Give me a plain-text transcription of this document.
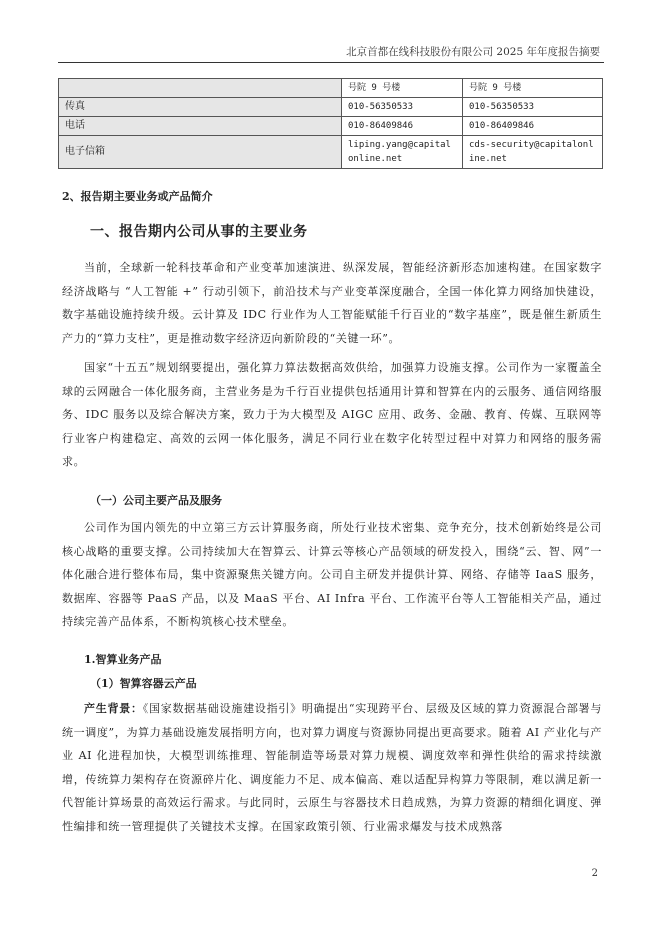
北京首都在线科技股份有限公司 2025 年年度报告摘要
	号院 9 号楼	号院 9 号楼
传真	010-56350533	010-56350533
电话	010-86409846	010-86409846
电子信箱	liping.yang@capitalonline.net	cds-security@capitalonline.net
2、报告期主要业务或产品简介
一、报告期内公司从事的主要业务
当前，全球新一轮科技革命和产业变革加速演进、纵深发展，智能经济新形态加速构建。在国家数字经济战略与 “人工智能 +” 行动引领下，前沿技术与产业变革深度融合，全国一体化算力网络加快建设，数字基础设施持续升级。云计算及 IDC 行业作为人工智能赋能千行百业的“数字基座”，既是催生新质生产力的“算力支柱”，更是推动数字经济迈向新阶段的“关键一环”。
国家“十五五”规划纲要提出，强化算力算法数据高效供给，加强算力设施支撑。公司作为一家覆盖全球的云网融合一体化服务商，主营业务是为千行百业提供包括通用计算和智算在内的云服务、通信网络服务、IDC 服务以及综合解决方案，致力于为大模型及 AIGC 应用、政务、金融、教育、传媒、互联网等行业客户构建稳定、高效的云网一体化服务，满足不同行业在数字化转型过程中对算力和网络的服务需求。
（一）公司主要产品及服务
公司作为国内领先的中立第三方云计算服务商，所处行业技术密集、竞争充分，技术创新始终是公司核心战略的重要支撑。公司持续加大在智算云、计算云等核心产品领域的研发投入，围绕“云、智、网”一体化融合进行整体布局，集中资源聚焦关键方向。公司自主研发并提供计算、网络、存储等 IaaS 服务，数据库、容器等 PaaS 产品，以及 MaaS 平台、AI Infra 平台、工作流平台等人工智能相关产品，通过持续完善产品体系，不断构筑核心技术壁垒。
1.智算业务产品
（1）智算容器云产品
产生背景：《国家数据基础设施建设指引》明确提出“实现跨平台、层级及区域的算力资源混合部署与统一调度”，为算力基础设施发展指明方向，也对算力调度与资源协同提出更高要求。随着 AI 产业化与产业 AI 化进程加快，大模型训练推理、智能制造等场景对算力规模、调度效率和弹性供给的需求持续激增，传统算力架构存在资源碎片化、调度能力不足、成本偏高、难以适配异构算力等限制，难以满足新一代智能计算场景的高效运行需求。与此同时，云原生与容器技术日趋成熟，为算力资源的精细化调度、弹性编排和统一管理提供了关键技术支撑。在国家政策引领、行业需求爆发与技术成熟落
2
